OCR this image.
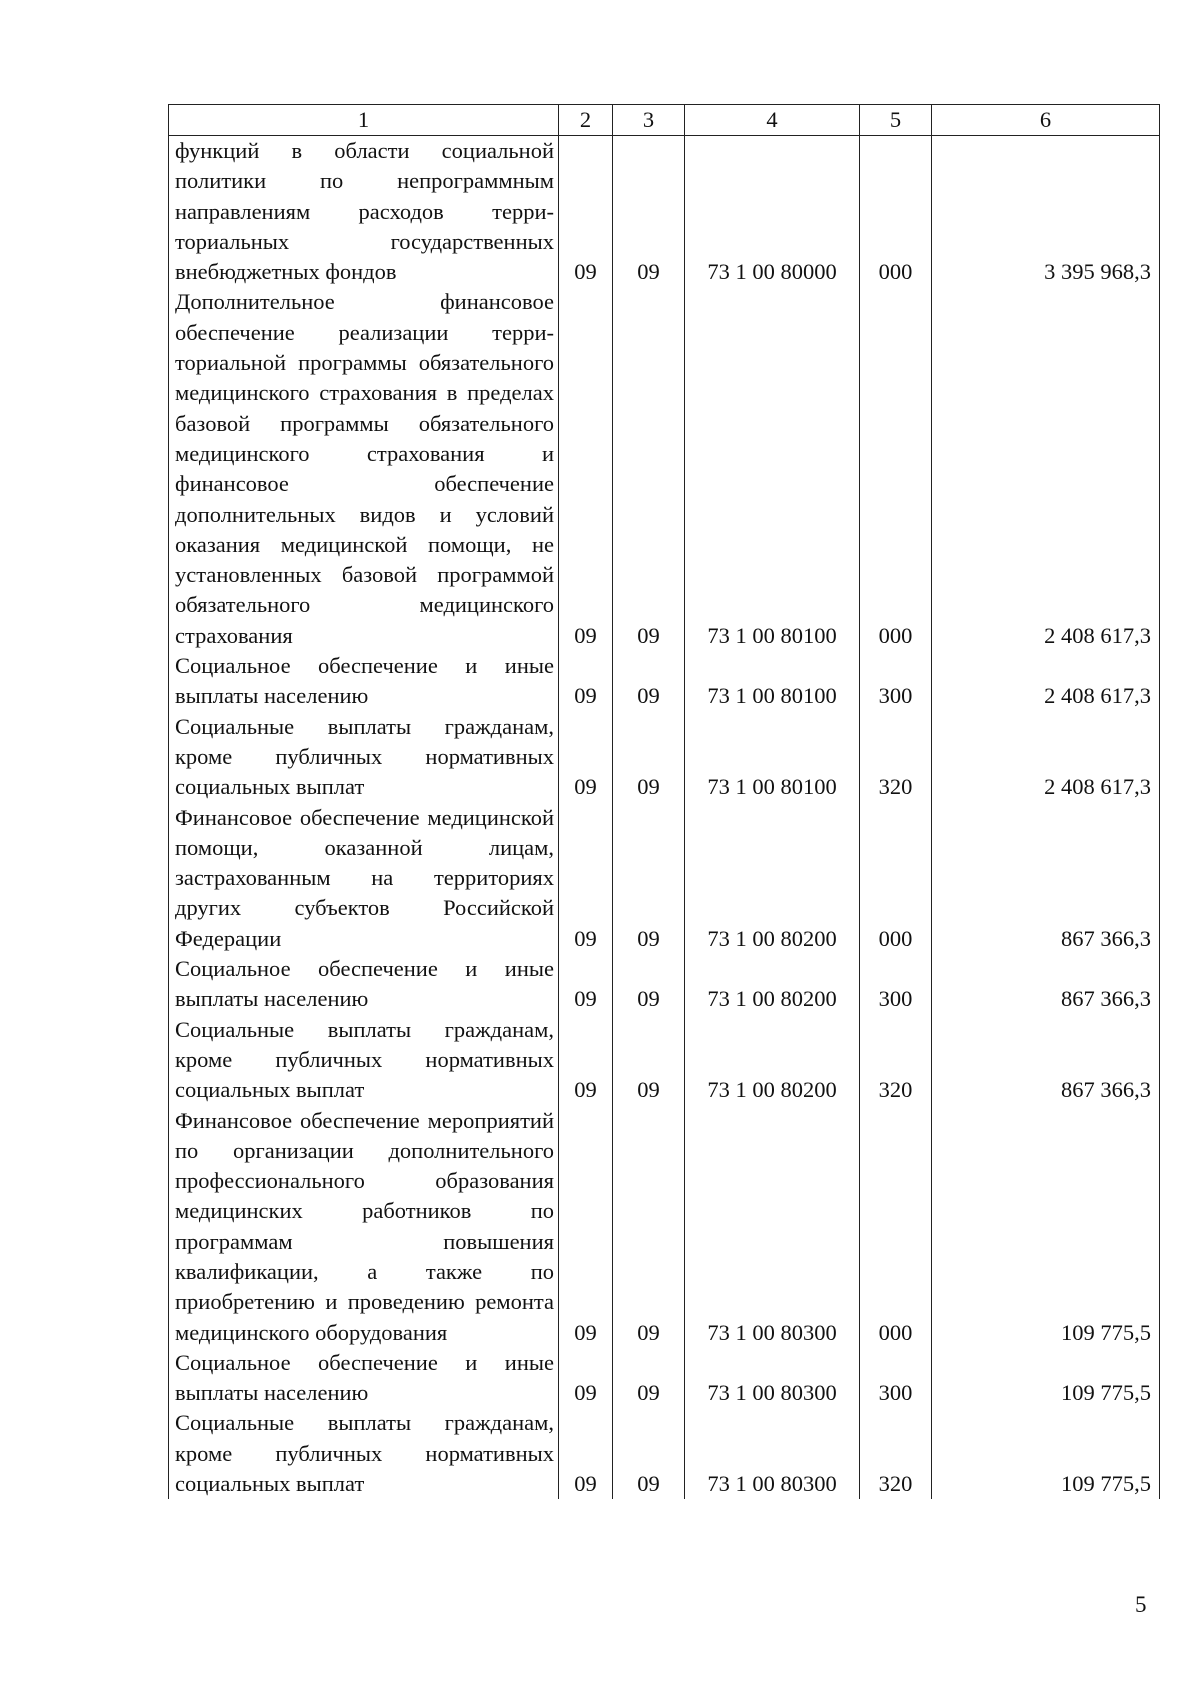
1	2	3	4	5	6
функций в области социальной политики по непрограммным направлениям расходов территориальных государственных внебюджетных фондов	09	09	73 1 00 80000	000	3 395 968,3
Дополнительное финансовое обеспечение реализации территориальной программы обязательного медицинского страхования в пределах базовой программы обязательного медицинского страхования и финансовое обеспечение дополнительных видов и условий оказания медицинской помощи, не установленных базовой программой обязательного медицинского страхования	09	09	73 1 00 80100	000	2 408 617,3
Социальное обеспечение и иные выплаты населению	09	09	73 1 00 80100	300	2 408 617,3
Социальные выплаты гражданам, кроме публичных нормативных социальных выплат	09	09	73 1 00 80100	320	2 408 617,3
Финансовое обеспечение медицинской помощи, оказанной лицам, застрахованным на территориях других субъектов Российской Федерации	09	09	73 1 00 80200	000	867 366,3
Социальное обеспечение и иные выплаты населению	09	09	73 1 00 80200	300	867 366,3
Социальные выплаты гражданам, кроме публичных нормативных социальных выплат	09	09	73 1 00 80200	320	867 366,3
Финансовое обеспечение мероприятий по организации дополнительного профессионального образования медицинских работников по программам повышения квалификации, а также по приобретению и проведению ремонта медицинского оборудования	09	09	73 1 00 80300	000	109 775,5
Социальное обеспечение и иные выплаты населению	09	09	73 1 00 80300	300	109 775,5
Социальные выплаты гражданам, кроме публичных нормативных социальных выплат	09	09	73 1 00 80300	320	109 775,5
5
